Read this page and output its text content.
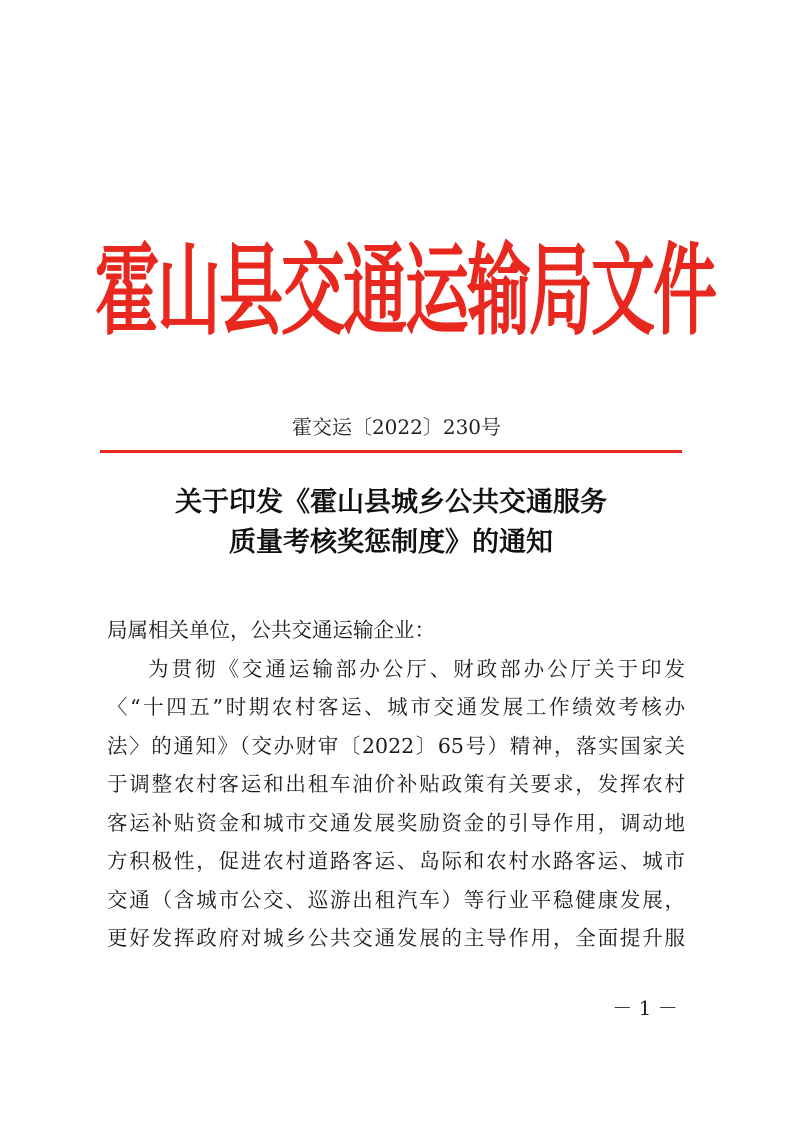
霍山县交通运输局文件
霍交运〔2022〕230号
关于印发《霍山县城乡公共交通服务
质量考核奖惩制度》的通知

局属相关单位，公共交通运输企业：

为贯彻《交通运输部办公厅、财政部办公厅关于印发

〈“十四五”时期农村客运、城市交通发展工作绩效考核办

法〉的通知》（交办财审〔2022〕65号）精神，落实国家关

于调整农村客运和出租车油价补贴政策有关要求，发挥农村

客运补贴资金和城市交通发展奖励资金的引导作用，调动地

方积极性，促进农村道路客运、岛际和农村水路客运、城市

交通（含城市公交、巡游出租汽车）等行业平稳健康发展，

更好发挥政府对城乡公共交通发展的主导作用，全面提升服

－ 1 －
